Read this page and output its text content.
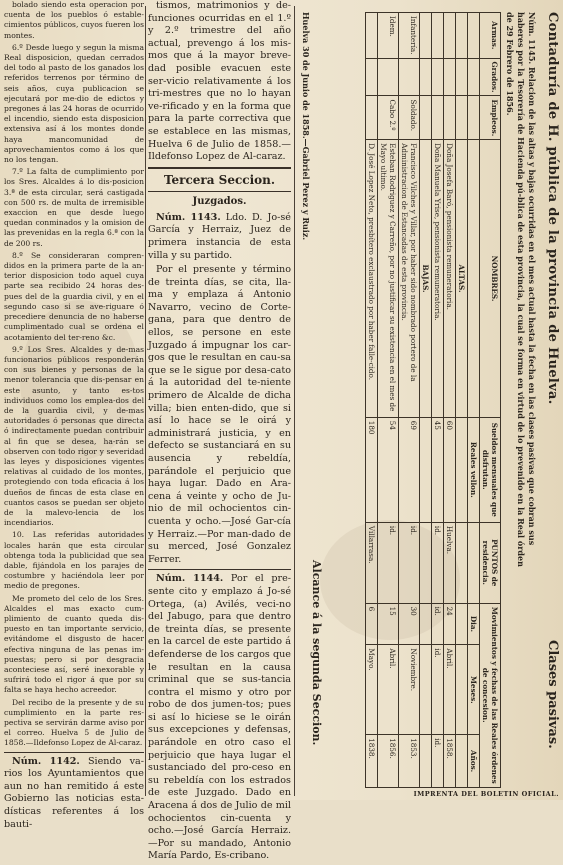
bolado siendo esta operacion por cuenta de los pueblos ó estable-cimientos públicos, cuyos fueren los montes.

6.º Desde luego y segun la misma Real disposicion, quedan cerrados del todo al pasto de los ganados los referidos terrenos por término de seis años, cuya publicacion se ejecutará por me-dio de edictos y pregones á las 24 horas de ocurrido el incendio, siendo esta disposicion extensiva así á los montes donde haya mancomunidad de aprovechamientos como á los que no los tengan.

7.º La falta de cumplimiento por los Sres. Alcaldes á lo dis-posicion 3.ª de esta circular, será castigada con 500 rs. de multa de irremisible exaccion en que desde luego quedan conminados y la omision de las prevenidas en la regla 6.ª con la de 200 rs.

8.º Se consideraran compren-didos en la primera parte de la an-terior disposicion todo aquel cuya parte sea recibido 24 horas des-pues del de la guardia civil, y en el segundo caso si se ave-riguare ó precediere denuncia de no haberse cumplimentado cual se ordena el acotamiento del ter-reno &c.

9.º Los Sres. Alcaldes y de-mas funcionarios públicos responderán con sus bienes y personas de la menor tolerancia que dis-pensar en este asunto, y tanto es-tos individuos como los emplea-dos del de la guardia civil, y de-mas autoridades ó personas que directa ó indirectamente puedan contribuir al fin que se desea, ha-rán se observen con todo rigor y severidad las leyes y disposiciones vigentes relativas al cuidado de los montes, protegiendo con toda eficacia á los dueños de fincas de esta clase en cuantos casos se puedan ser objeto de la malevo-lencia de los incendiarios.

10. Las referidas autoridades locales harán que esta circular obtenga toda la publicidad que sea dable, fijándola en los parajes de costumbre y haciéndola leer por medio de pregones.

Me prometo del celo de los Sres. Alcaldes el mas exacto cum-plimiento de cuanto queda dis-puesto en tan importante servicio, evitándome el disgusto de hacer efectiva ninguna de las penas im-puestas; pero si por desgracia aconteciese así, seré inexorable y sufrirá todo el rigor á que por su falta se haya hecho acreedor.

Del recibo de la presente y de su cumplimiento en la parte res-pectiva se servirán darme aviso por el correo. Huelva 5 de Julio de 1858.—Ildefonso Lopez de Al-caraz.

Núm. 1142. Siendo va-rios los Ayuntamientos que aun no han remitido á este Gobierno las noticias esta-dísticas referentes á los bauti-

tismos, matrimonios y de-funciones ocurridas en el 1.º y 2.º trimestre del año actual, prevengo á los mis-mos que á la mayor breve-dad posible evacuen este ser-vicio relativamente á los tri-mestres que no lo hayan ve-rificado y en la forma que para la parte correctiva que se establece en las mismas, Huelva 6 de Julio de 1858.—Ildefonso Lopez de Al-caraz.

Tercera Seccion.
Juzgados.

Núm. 1143. Ldo. D. Jo-sé García y Herraiz, Juez de primera instancia de esta villa y su partido.

Por el presente y término de treinta días, se cita, lla-ma y emplaza á Antonio Navarro, vecino de Corte-gana, para que dentro de ellos, se persone en este Juzgado á impugnar los car-gos que le resultan en cau-sa que se le sigue por desa-cato á la autoridad del te-niente primero de Alcalde de dicha villa; bien enten-dido, que si así lo hace se le oirá y administrará justicia, y en defecto se sustanciará en su ausencia y rebeldía, parándole el perjuicio que haya lugar. Dado en Ara-cena á veinte y ocho de Ju-nio de mil ochocientos cin-cuenta y ocho.—José Gar-cía y Herraiz.—Por man-dado de su merced, José Gonzalez Ferrer.

Núm. 1144. Por el pre-sente cito y emplazo á Jo-sé Ortega, (a) Avilés, veci-no del Jabugo, para que dentro de treinta días, se presente en la carcel de este partido á defenderse de los cargos que le resultan en la causa criminal que se sus-tancia contra el mismo y otro por robo de dos jumen-tos; pues si así lo hiciese se le oirán sus excepciones y defensas, parándole en otro caso el perjuicio que haya lugar el sustanciado del pro-ceso en su rebeldía con los estrados de este Juzgado. Dado en Aracena á dos de Julio de mil ochocientos cin-cuenta y ocho.—José García Herraiz.—Por su mandado, Antonio María Pardo, Es-cribano.

Contaduría de H. pública de la provincia de Huelva.
Clases pasivas.
Núm. 1145. Relacion de las altas y bajas ocurridas en el mes actual hasta la fecha en las clases pasivas que cobran sus haberes por la Tesorería de Hacienda pú-blica de esta provincia, la cual se forma en virtud de lo prevenido en la Real órden de 29 Febrero de 1856.
Armas.	Grados.	Empleos.	NOMBRES.	Sueldos mensuales que disfrutan.	PUNTOS de residencia.	Movimientos y fechas de las Reales órdenes de concesion.		
				Reales vellon.		Dia.	Meses.	Años.
			ALTAS.					
			Doña Josefa Baró, pensionista remuneratoria.	60	Huelva.	24	Abril.	1858.
			Doña Manuela Yrise, pensionista remuneratoria.	45	id.	id.	id.	id.
			BAJAS.					
Infantería.		Soldado.	Francisco Vilches y Villar, por haber sido nombrado portero de la Administracion de Estancadas de esta provincia.	69	id.	30	Noviembre.	1853.
Idem.		Cabo 2.º	Esteban Rodriguez y Carreño, por no justificar su existencia en el mes de Mayo ultimo.	54	id.	15	Abril.	1856.
			D. José Lopez Neto, presbítero exclaustrado por haber falle-cido.	180	Villarrasa.	6	Mayo.	1838.
Huelva 30 de Junio de 1858.—Gabriel Perez y Ruiz.
Alcance á la segunda Seccion.
IMPRENTA DEL BOLETIN OFICIAL.
